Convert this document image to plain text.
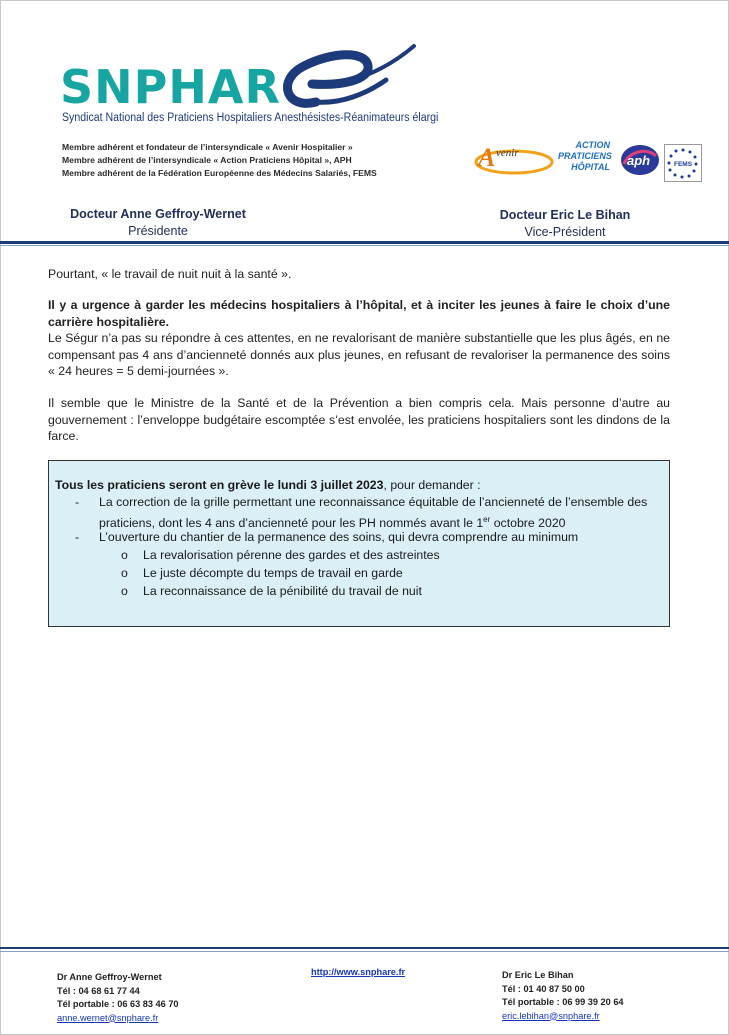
SNPHAR
Syndicat National des Praticiens Hospitaliers Anesthésistes-Réanimateurs élargi
Membre adhérent et fondateur de l’intersyndicale « Avenir Hospitalier »
Membre adhérent de l’intersyndicale « Action Praticiens Hôpital », APH
Membre adhérent de la Fédération Européenne des Médecins Salariés, FEMS
A venir
Hospitalier
ACTION
PRATICIENS
HÔPITAL aph	FEMS
Docteur Anne Geffroy-Wernet
Présidente
Docteur Eric Le Bihan
Vice-Président
Pourtant, « le travail de nuit nuit à la santé ».
Il y a urgence à garder les médecins hospitaliers à l’hôpital, et à inciter les jeunes à faire le choix d’une carrière hospitalière.
Le Ségur n’a pas su répondre à ces attentes, en ne revalorisant de manière substantielle que les plus âgés, en ne compensant pas 4 ans d’ancienneté donnés aux plus jeunes, en refusant de revaloriser la permanence des soins « 24 heures = 5 demi-journées ».
Il semble que le Ministre de la Santé et de la Prévention a bien compris cela. Mais personne d’autre au gouvernement : l’enveloppe budgétaire escomptée s’est envolée, les praticiens hospitaliers sont les dindons de la farce.
Tous les praticiens seront en grève le lundi 3 juillet 2023, pour demander :
- La correction de la grille permettant une reconnaissance équitable de l’ancienneté de l’ensemble des praticiens, dont les 4 ans d’ancienneté pour les PH nommés avant le 1er octobre 2020
- L’ouverture du chantier de la permanence des soins, qui devra comprendre au minimum
o La revalorisation pérenne des gardes et des astreintes
o Le juste décompte du temps de travail en garde
o La reconnaissance de la pénibilité du travail de nuit
Dr Anne Geffroy-Wernet
Tél : 04 68 61 77 44
Tél portable : 06 63 83 46 70
anne.wernet@snphare.fr
http://www.snphare.fr	Dr Eric Le Bihan
Tél : 01 40 87 50 00
Tél portable : 06 99 39 20 64
eric.lebihan@snphare.fr
